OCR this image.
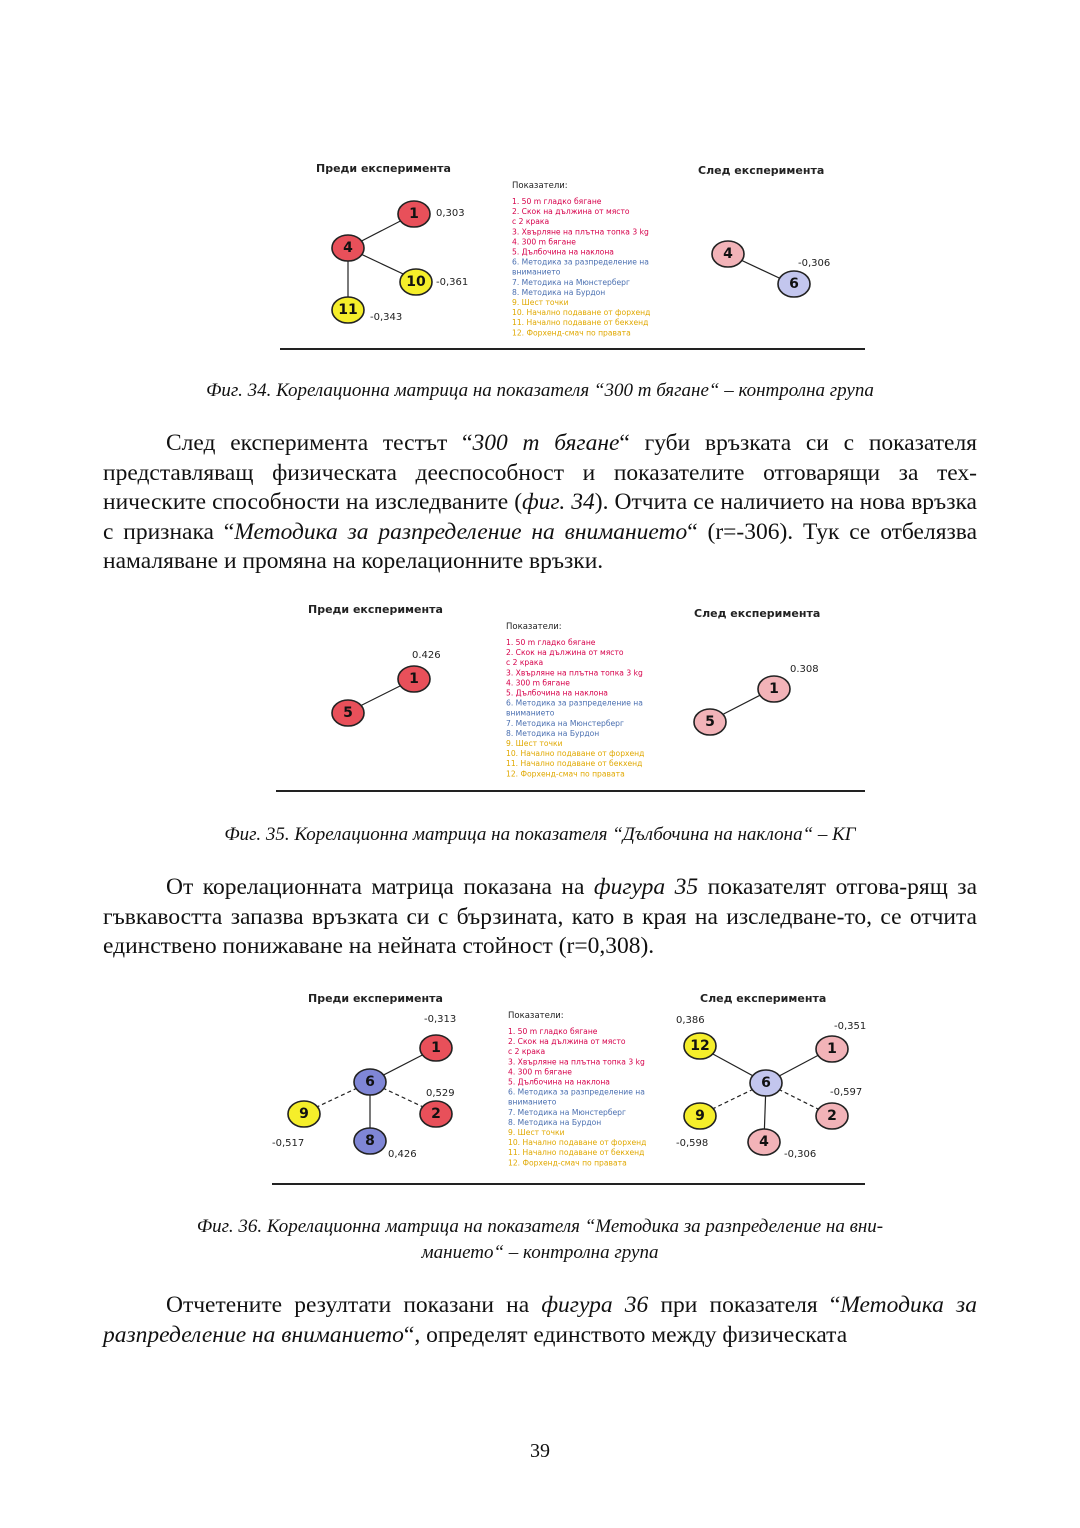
Преди експеримента	След експеримента
Показатели:
1. 50 m гладко бягане
2. Скок на дължина от място
с 2 крака
3. Хвърляне на плътна топка 3 kg
4. 300 m бягане
5. Дълбочина на наклона
6. Методика за разпределение на
вниманието
7. Методика на Мюнстерберг
8. Методика на Бурдон
9. Шест точки
10. Начално подаване от форхенд
11. Начално подаване от бекхенд
12. Форхенд-смач по правата
1
4
10
11
4
6
0,303
-0,361
-0,343
-0,306
Фиг. 34. Корелационна матрица на показателя “300 m бягане“ – контролна група

След експеримента тестът “300 m бягане“ губи връзката си с показателя представляващ физическата дееспособност и показателите отговарящи за тех-ническите способности на изследваните (фиг. 34). Отчита се наличието на нова връзка с признака “Методика за разпределение на вниманието“ (r=-306). Тук се отбелязва намаляване и промяна на корелационните връзки.

Преди експеримента	След експеримента
Показатели:
1. 50 m гладко бягане
2. Скок на дължина от място
с 2 крака
3. Хвърляне на плътна топка 3 kg
4. 300 m бягане
5. Дълбочина на наклона
6. Методика за разпределение на
вниманието
7. Методика на Мюнстерберг
8. Методика на Бурдон
9. Шест точки
10. Начално подаване от форхенд
11. Начално подаване от бекхенд
12. Форхенд-смач по правата
1
5
1
5
0.426
0.308
Фиг. 35. Корелационна матрица на показателя “Дълбочина на наклона“ – КГ

От корелационната матрица показана на фигура 35 показателят отгова-рящ за гъвкавостта запазва връзката си с бързината, като в края на изследване-то, се отчита единствено понижаване на нейната стойност (r=0,308).

Преди експеримента	След експеримента
Показатели:
1. 50 m гладко бягане
2. Скок на дължина от място
с 2 крака
3. Хвърляне на плътна топка 3 kg
4. 300 m бягане
5. Дълбочина на наклона
6. Методика за разпределение на
вниманието
7. Методика на Мюнстерберг
8. Методика на Бурдон
9. Шест точки
10. Начално подаване от форхенд
11. Начално подаване от бекхенд
12. Форхенд-смач по правата
6
1
2
9
8
6
12	1
2
9
4
-0,313
0,529
-0,517
0,426
0,386
-0,351
-0,597
-0,598
-0,306
Фиг. 36. Корелационна матрица на показателя “Методика за разпределение на вни-
манието“ – контролна група

Отчетените резултати показани на фигура 36 при показателя “Методика за разпределение на вниманието“, определят единството между физическата

39
